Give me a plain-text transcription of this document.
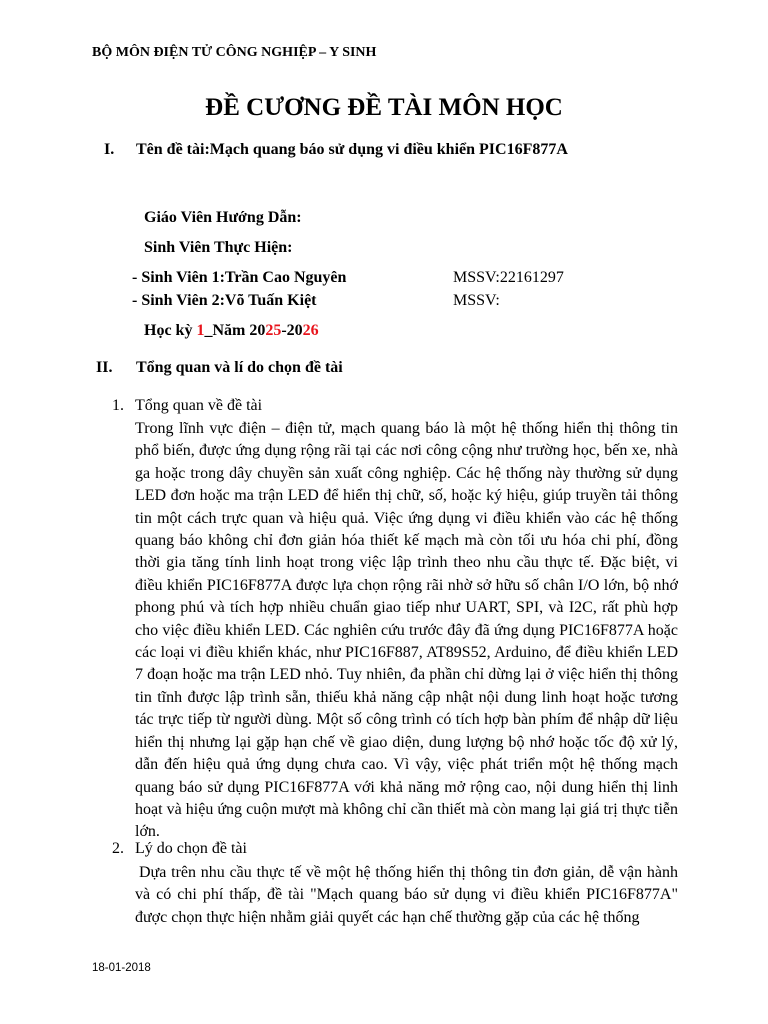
BỘ MÔN ĐIỆN TỬ CÔNG NGHIỆP – Y SINH
ĐỀ CƯƠNG ĐỀ TÀI MÔN HỌC
I. Tên đề tài:Mạch quang báo sử dụng vi điều khiển PIC16F877A
Giáo Viên Hướng Dẫn:
Sinh Viên Thực Hiện:
- Sinh Viên 1:Trần Cao Nguyên	MSSV:22161297
- Sinh Viên 2:Võ Tuấn Kiệt	MSSV:
Học kỳ 1_Năm 2025-2026
II. Tổng quan và lí do chọn đề tài
1. Tổng quan về đề tài
Trong lĩnh vực điện – điện tử, mạch quang báo là một hệ thống hiển thị thông tin phổ biến, được ứng dụng rộng rãi tại các nơi công cộng như trường học, bến xe, nhà ga hoặc trong dây chuyền sản xuất công nghiệp. Các hệ thống này thường sử dụng LED đơn hoặc ma trận LED để hiển thị chữ, số, hoặc ký hiệu, giúp truyền tải thông tin một cách trực quan và hiệu quả. Việc ứng dụng vi điều khiển vào các hệ thống quang báo không chỉ đơn giản hóa thiết kế mạch mà còn tối ưu hóa chi phí, đồng thời gia tăng tính linh hoạt trong việc lập trình theo nhu cầu thực tế. Đặc biệt, vi điều khiển PIC16F877A được lựa chọn rộng rãi nhờ sở hữu số chân I/O lớn, bộ nhớ phong phú và tích hợp nhiều chuẩn giao tiếp như UART, SPI, và I2C, rất phù hợp cho việc điều khiển LED. Các nghiên cứu trước đây đã ứng dụng PIC16F877A hoặc các loại vi điều khiển khác, như PIC16F887, AT89S52, Arduino, để điều khiển LED 7 đoạn hoặc ma trận LED nhỏ. Tuy nhiên, đa phần chỉ dừng lại ở việc hiển thị thông tin tĩnh được lập trình sẵn, thiếu khả năng cập nhật nội dung linh hoạt hoặc tương tác trực tiếp từ người dùng. Một số công trình có tích hợp bàn phím để nhập dữ liệu hiển thị nhưng lại gặp hạn chế về giao diện, dung lượng bộ nhớ hoặc tốc độ xử lý, dẫn đến hiệu quả ứng dụng chưa cao. Vì vậy, việc phát triển một hệ thống mạch quang báo sử dụng PIC16F877A với khả năng mở rộng cao, nội dung hiển thị linh hoạt và hiệu ứng cuộn mượt mà không chỉ cần thiết mà còn mang lại giá trị thực tiễn lớn.
2. Lý do chọn đề tài
Dựa trên nhu cầu thực tế về một hệ thống hiển thị thông tin đơn giản, dễ vận hành và có chi phí thấp, đề tài "Mạch quang báo sử dụng vi điều khiển PIC16F877A" được chọn thực hiện nhằm giải quyết các hạn chế thường gặp của các hệ thống
18-01-2018
